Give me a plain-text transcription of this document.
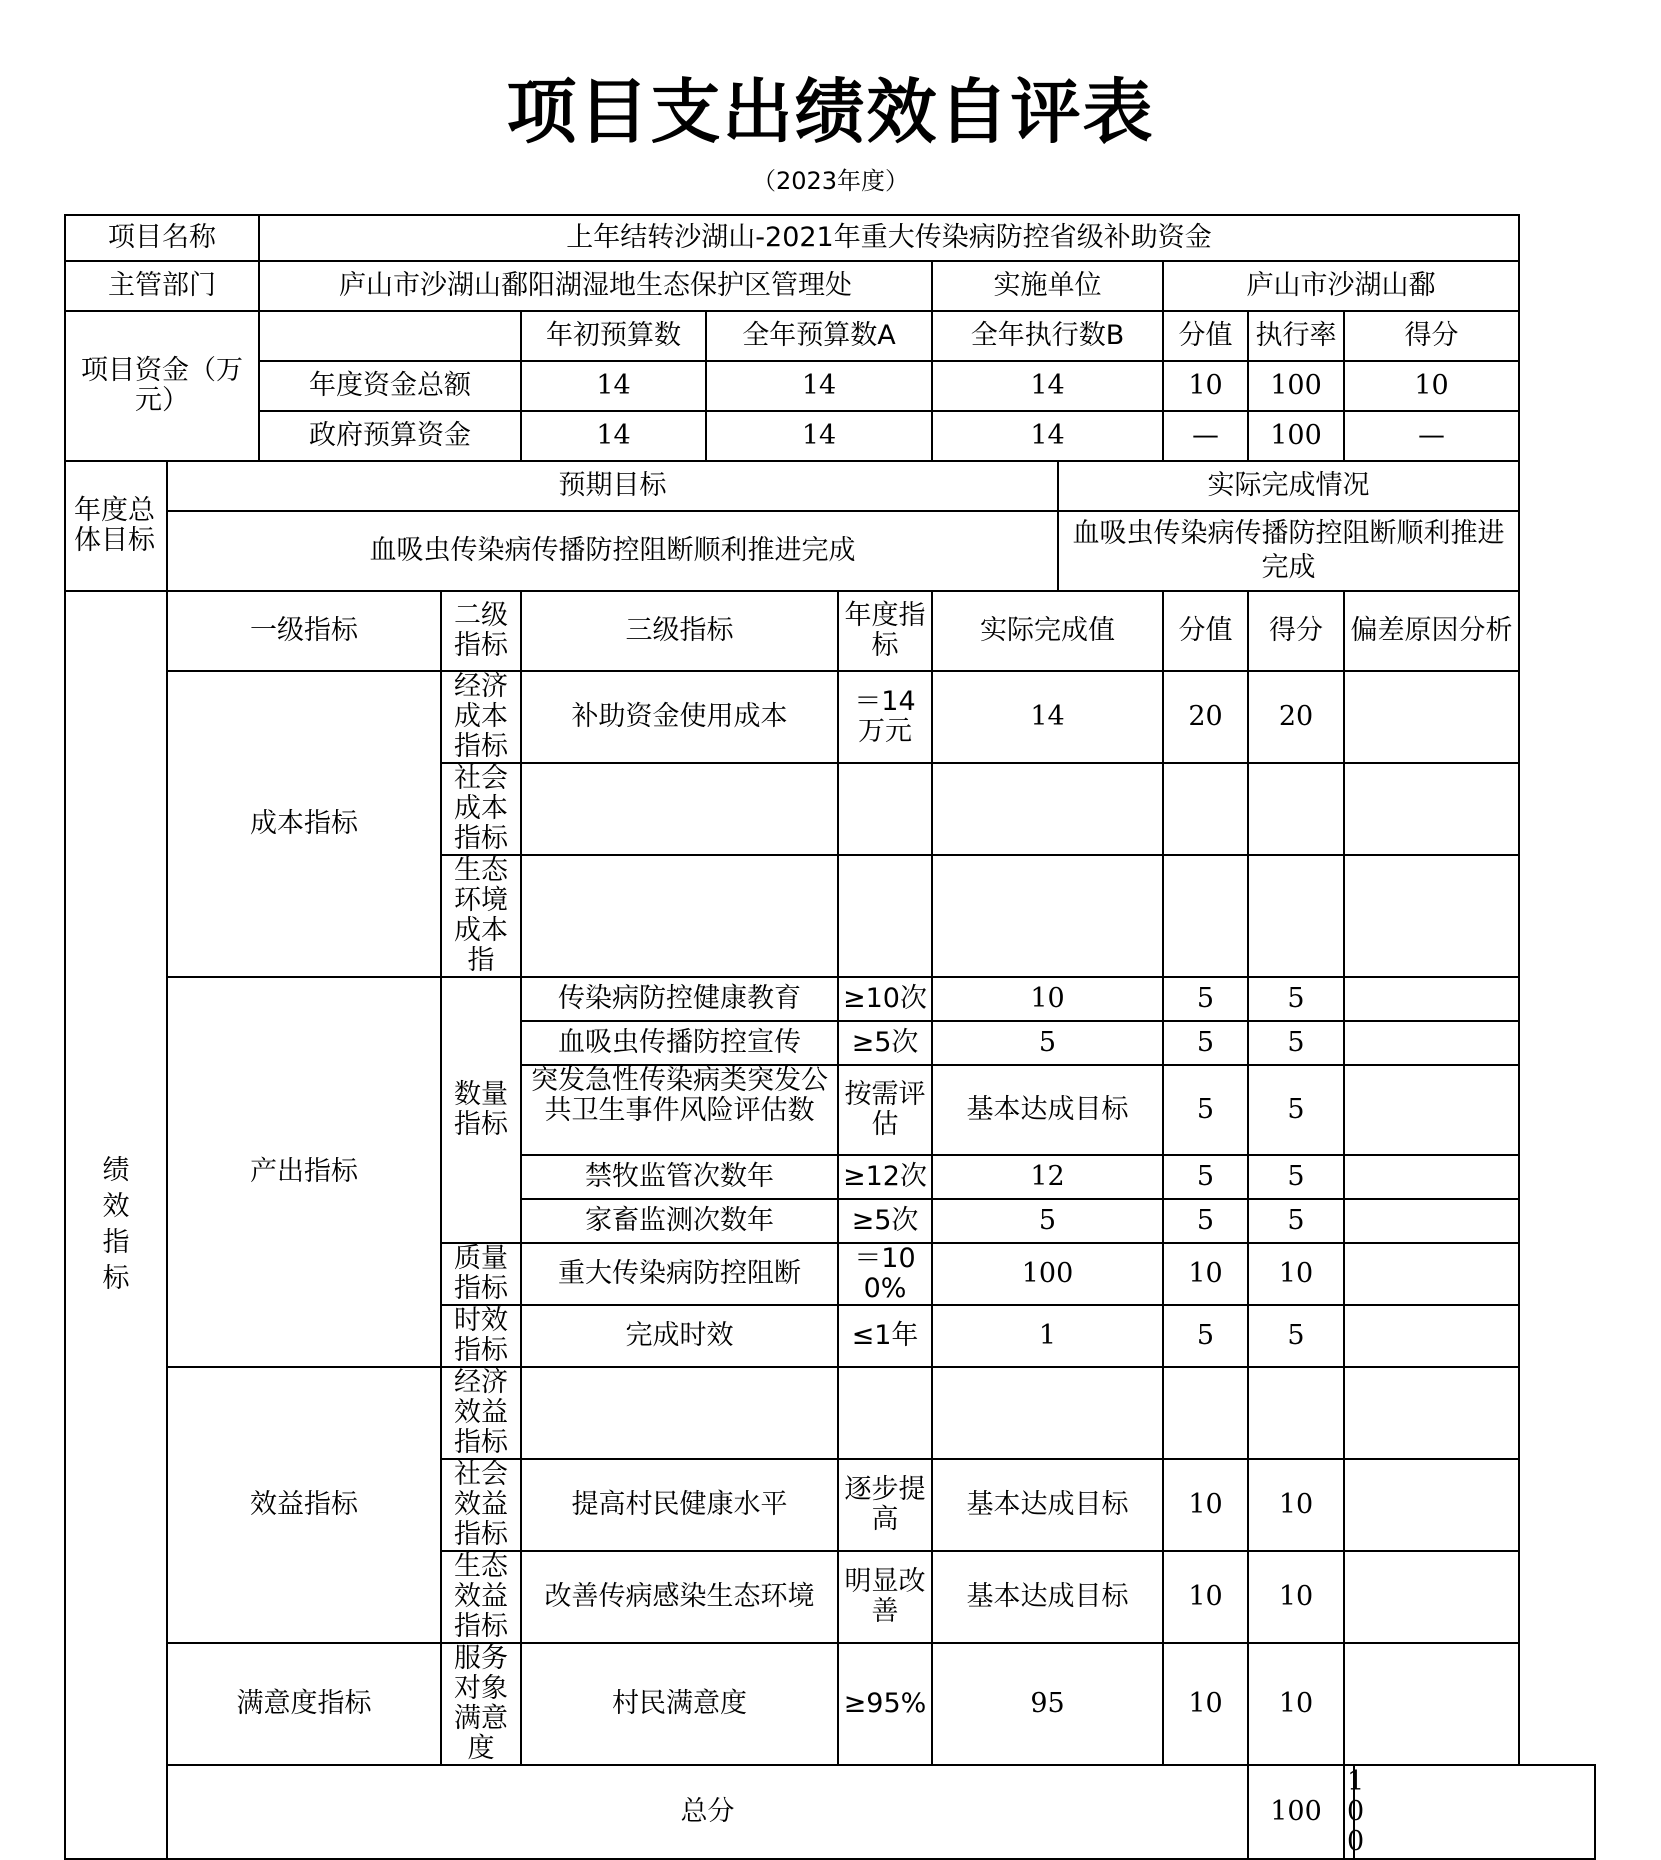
项目支出绩效自评表
（2023年度）
项目名称		上年结转沙湖山-2021年重大传染病防控省级补助资金										
主管部门		庐山市沙湖山鄱阳湖湿地生态保护区管理处					实施单位		庐山市沙湖山鄱			
项目资金（万元）				年初预算数	全年预算数A		全年执行数B		分值	执行率	得分	
		年度资金总额		14	14		14		10	100	10	
		政府预算资金		14	14		14		—	100	—	
年度总体目标	预期目标							实际完成情况				
	血吸虫传染病传播防控阻断顺利推进完成							血吸虫传染病传播防控阻断顺利推进完成				
绩效指标	一级指标		二级指标	三级指标		年度指标	实际完成值		分值	得分	偏差原因分析	
	成本指标		经济成本指标	补助资金使用成本		＝14万元	14		20	20		
			社会成本指标									
			生态环境成本指									
	产出指标		数量指标	传染病防控健康教育		≥10次	10		5	5		
				血吸虫传播防控宣传		≥5次	5		5	5		
				突发急性传染病类突发公共卫生事件风险评估数		按需评估	基本达成目标		5	5		
				禁牧监管次数年		≥12次	12		5	5		
				家畜监测次数年		≥5次	5		5	5		
			质量指标	重大传染病防控阻断		＝100%	100		10	10		
			时效指标	完成时效		≤1年	1		5	5		
	效益指标		经济效益指标									
			社会效益指标	提高村民健康水平		逐步提高	基本达成目标		10	10		
			生态效益指标	改善传病感染生态环境		明显改善	基本达成目标		10	10		
	满意度指标		服务对象满意度	村民满意度		≥95%	95		10	10		
	总分									100	100	
